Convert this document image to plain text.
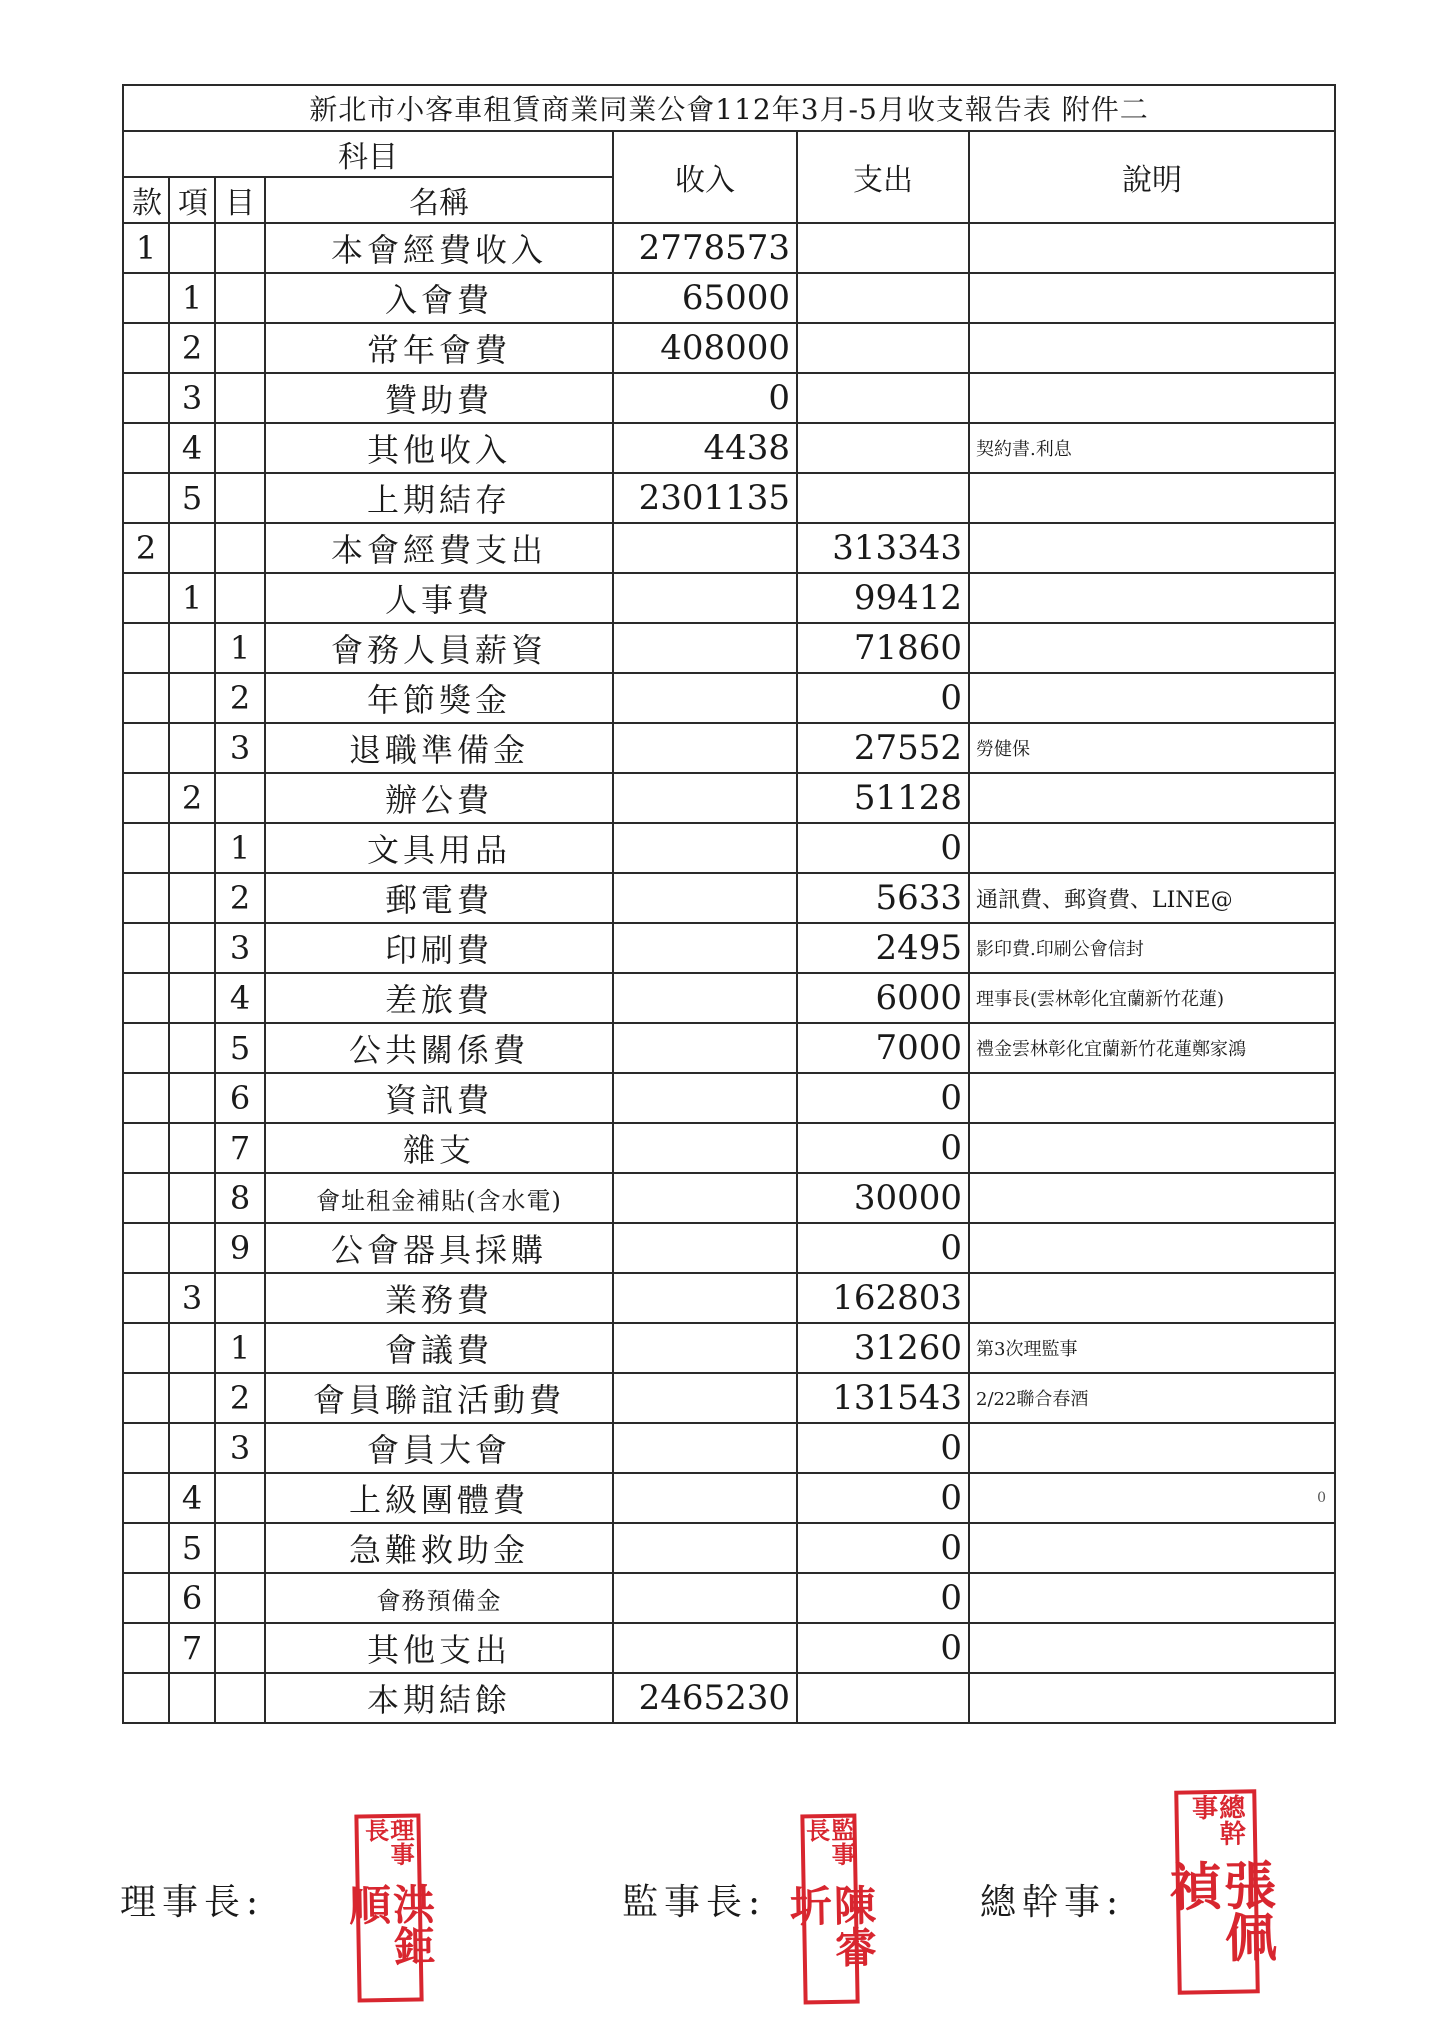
新北市小客車租賃商業同業公會112年3月-5月收支報告表 附件二						
科目				收入	支出	說明
款	項	目	名稱			
1			本會經費收入	2778573		
	1		入會費	65000		
	2		常年會費	408000		
	3		贊助費	0		
	4		其他收入	4438		契約書.利息
	5		上期結存	2301135		
2			本會經費支出		313343	
	1		人事費		99412	
		1	會務人員薪資		71860	
		2	年節獎金		0	
		3	退職準備金		27552	勞健保
	2		辦公費		51128	
		1	文具用品		0	
		2	郵電費		5633	通訊費、郵資費、LINE@
		3	印刷費		2495	影印費.印刷公會信封
		4	差旅費		6000	理事長(雲林彰化宜蘭新竹花蓮)
		5	公共關係費		7000	禮金雲林彰化宜蘭新竹花蓮鄭家鴻
		6	資訊費		0	
		7	雜支		0	
		8	會址租金補貼(含水電)		30000	
		9	公會器具採購		0	
	3		業務費		162803	
		1	會議費		31260	第3次理監事
		2	會員聯誼活動費		131543	2/22聯合春酒
		3	會員大會		0	
	4		上級團體費		0	0

	5		急難救助金		0	
	6		會務預備金		0	
	7		其他支出		0	
			本期結餘	2465230		
理事長:
理事長
洪鉅順	監事長:
監事長
陳睿圻	總幹事:
總幹事
張佩禎
